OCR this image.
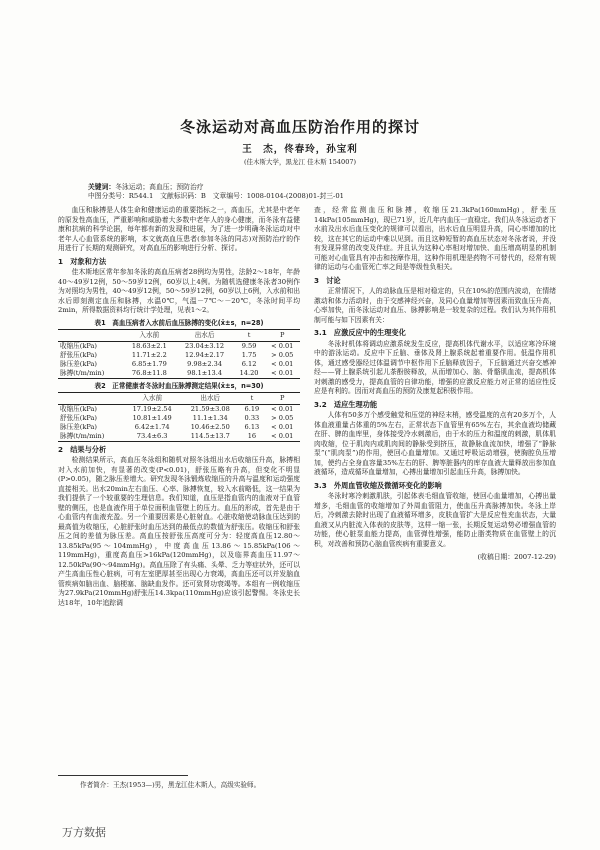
冬泳运动对高血压防治作用的探讨
王　杰，佟春玲，孙宝利
(佳木斯大学，黑龙江 佳木斯 154007)
关键词：冬泳运动；高血压；预防治疗
中图分类号：R544.1　文献标识码：B　文章编号：1008-0104-(2008)01-封三-01

血压和脉搏是人体生命和健康运动的重要指标之一，高血压，尤其是中老年的原发性高血压，严重影响和威胁着大多数中老年人的身心健康，而冬泳有益健康和抗病的科学论据，每年都有新的发现和进展，为了进一步明确冬泳运动对中老年人心血管系统的影响，本文就高血压患者(参加冬泳的同志)对预防治疗的作用进行了长期的观测研究，对高血压的影响进行分析、探讨。

1　对象和方法

佳木斯地区常年参加冬泳的高血压病者28例均为男性，法龄2～18年，年龄40～49岁12例，50～59岁12例，60岁以上4例。为随机选健康冬泳者30例作为对照均为男性，40～49岁12例，50～59岁12例，60岁以上6例，入水前和出水后即刻测定血压和脉搏，水温0℃，气温－7℃～－20℃，冬泳时间平均2min，所得数据资料均行统计学处理，见表1～2。

表1　高血压病者入水前后血压脉搏的变化(x̄±s，n=28)
	入水前	出水后	t	P
收缩压(kPa)	18.63±2.1	23.04±3.12	9.59	< 0.01
舒张压(kPa)	11.71±2.2	12.94±2.17	1.75	> 0.05
脉压差(kPa)	6.85±1.79	9.98±2.34	6.12	< 0.01
脉搏(t/m/min)	76.8±11.8	98.1±13.4	14.20	< 0.01
表2　正常健康者冬泳时血压脉搏测定结果(x̄±s，n=30)
	入水前	出水后	t	P
收缩压(kPa)	17.19±2.54	21.59±3.08	6.19	< 0.01
舒张压(kPa)	10.81±1.49	11.1±1.34	0.33	> 0.05
脉压差(kPa)	6.42±1.74	10.46±2.50	6.13	< 0.01
脉搏(t/m/min)	73.4±6.3	114.5±13.7	16	< 0.01
2　结果与分析

检测结果所示，高血压冬泳组和随机对照冬泳组出水后收缩压升高，脉搏相对入水前加快，有显著的改变(P<0.01)，舒张压略有升高，但变化不明显(P>0.05)，随之脉压差增大。研究发现冬泳锻炼收缩压的升高与温度和运动强度直接相关。出水20min左右血压、心率、脉搏恢复，较入水前略低，这一结果为我们提供了一个较重要的生理信息。我们知道，血压是指血管内的血液对于血管壁的侧压，也是血液作用于单位面积血管壁上的压力。血压的形成，首先是由于心血管内有血液充盈。另一个重要因素是心脏射血。心脏收缩使动脉血压达到的最高值为收缩压，心脏舒张时血压达到的最低点的数值为舒张压。收缩压和舒张压之间的差值为脉压差。高血压按舒张压高度可分为：轻度高血压12.80～13.85kPa(95～104mmHg)，中度高血压13.86～15.85kPa(106～119mmHg)，重度高血压>16kPa(120mmHg)，以及临界高血压11.97～12.50kPa(90～94mmHg)。高血压除了有头痛、头晕、乏力等症状外，还可以产生高血压性心脏病，可有左室肥厚甚至出现心力衰竭，高血压还可以并发脑血管疾病如脑出血、脑梗塞、脑缺血发作。还可致肾功衰竭等。本组有一例收缩压为27.9kPa(210mmHg)舒张压14.3kpa(110mmHg)应该引起警惕。冬泳史长达18年，10年追踪调

查，经常监测血压和脉搏，收缩压21.3kPa(160mmHg)，舒张压14kPa(105mmHg)，现已71岁，近几年内血压一直稳定。我们从冬泳运动者下水前及出水后血压变化的规律可以看出，出水后血压明显升高，同心率增加的比较，这在其它的运动中难以见到。而且这种短暂的高血压状态对冬泳者说，并没有发现异常的改变及伴症。并且认为这种心率相对增加快、血压增高明显的机制可能对心血管具有冲击和按摩作用，这种作用机理是药物不可替代的，经常有规律的运动与心血管死亡率之间是等级性负相关。

3　讨论

正常情况下，人的动脉血压是相对稳定的，只在10%的范围内波动，在情绪激动和体力活动时，由于交感神经兴奋，及同心血量增加等因素而致血压升高，心率加快，而冬泳运动对血压、脉搏影响是一较复杂的过程。我们认为其作用机制可能与如下因素有关：

3.1　应激反应中的生理变化

冬泳时机体将调动应激系统发生反应，提高机体代谢水平，以适应寒冷环境中的游泳运动。反应中下丘脑、垂体及肾上腺系统起着重要作用。低温作用机体，通过感受器经过体温调节中枢作用下丘脑释放因子，下丘脑通过兴奋交感神经——肾上腺系统引起儿茶酚胺释放，从而增加心、脑、骨骼肌血流，提高机体对刺激的感受力，提高血管的自律功能，增强的应激反应能力对正常的适应性反应是有利的。因而对高血压的预防及康复起积极作用。

3.2　适应生理功能

人体有50多万个感受触觉和压觉的神经末梢，感受温度的点有20多万个，人体血液重量占体重的5%左右，正常状态下血管里有65%左右，其余血液均储藏在肝、脾的血库里，身体接受冷水刺激后，由于水的压力和温度的刺激，肌体肌肉收缩，位于肌肉内或肌肉间的静脉受到挤压，故静脉血流加快，增强了“静脉泵”(“肌肉泵”)的作用，使回心血量增加。又通过呼吸运动增强，使胸腔负压增加，使约占全身血容量35%左右的肝、脾等脏器内的库存血液大量释放出参加血液循环，造成循环血量增加，心搏出量增加引起血压升高，脉搏加快。

3.3　外周血管收缩及微循环变化的影响

冬泳时寒冷刺激肌肤，引起体表毛细血管收缩，使回心血量增加，心搏出量增多，毛细血管的收缩增加了外周血管阻力，使血压升高脉搏加快。冬泳上岸后，冷刺激去除时出现了血液循环增多，皮肤血管扩大是反应性充血状态，大量血液又从内脏流入体表的皮肤等，这样一缩一张，长期反复运动势必增强血管的功能，使心脏泵血能力提高，血管弹性增强，能防止脂类物质在血管壁上的沉积，对改善和预防心脑血管疾病有重要意义。

(收稿日期：2007-12-29)
作者简介：王杰(1953—)男，黑龙江佳木斯人，高级实验师。
万方数据
